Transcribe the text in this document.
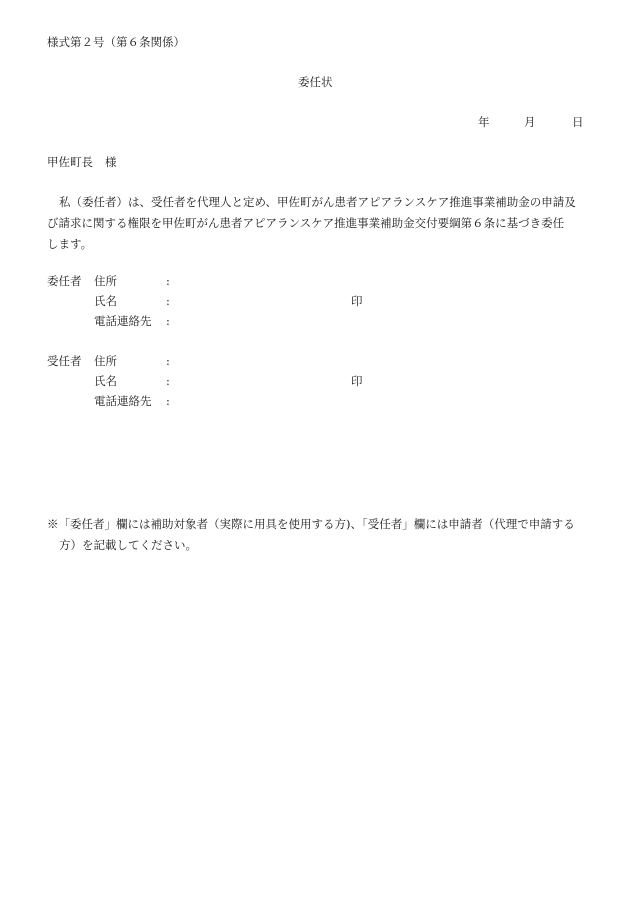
様式第２号（第６条関係）
委任状
年	月	日
甲佐町長 様
私（委任者）は、受任者を代理人と定め、甲佐町がん患者アピアランスケア推進事業補助金の申請及
び請求に関する権限を甲佐町がん患者アピアランスケア推進事業補助金交付要綱第６条に基づき委任
します。
委任者 住所	:
氏名	:	印
電話連絡先 :
受任者 住所	:
氏名	:	印
電話連絡先 :
※「委任者」欄には補助対象者（実際に用具を使用する方)、「受任者」欄には申請者（代理で申請する
方）を記載してください。
